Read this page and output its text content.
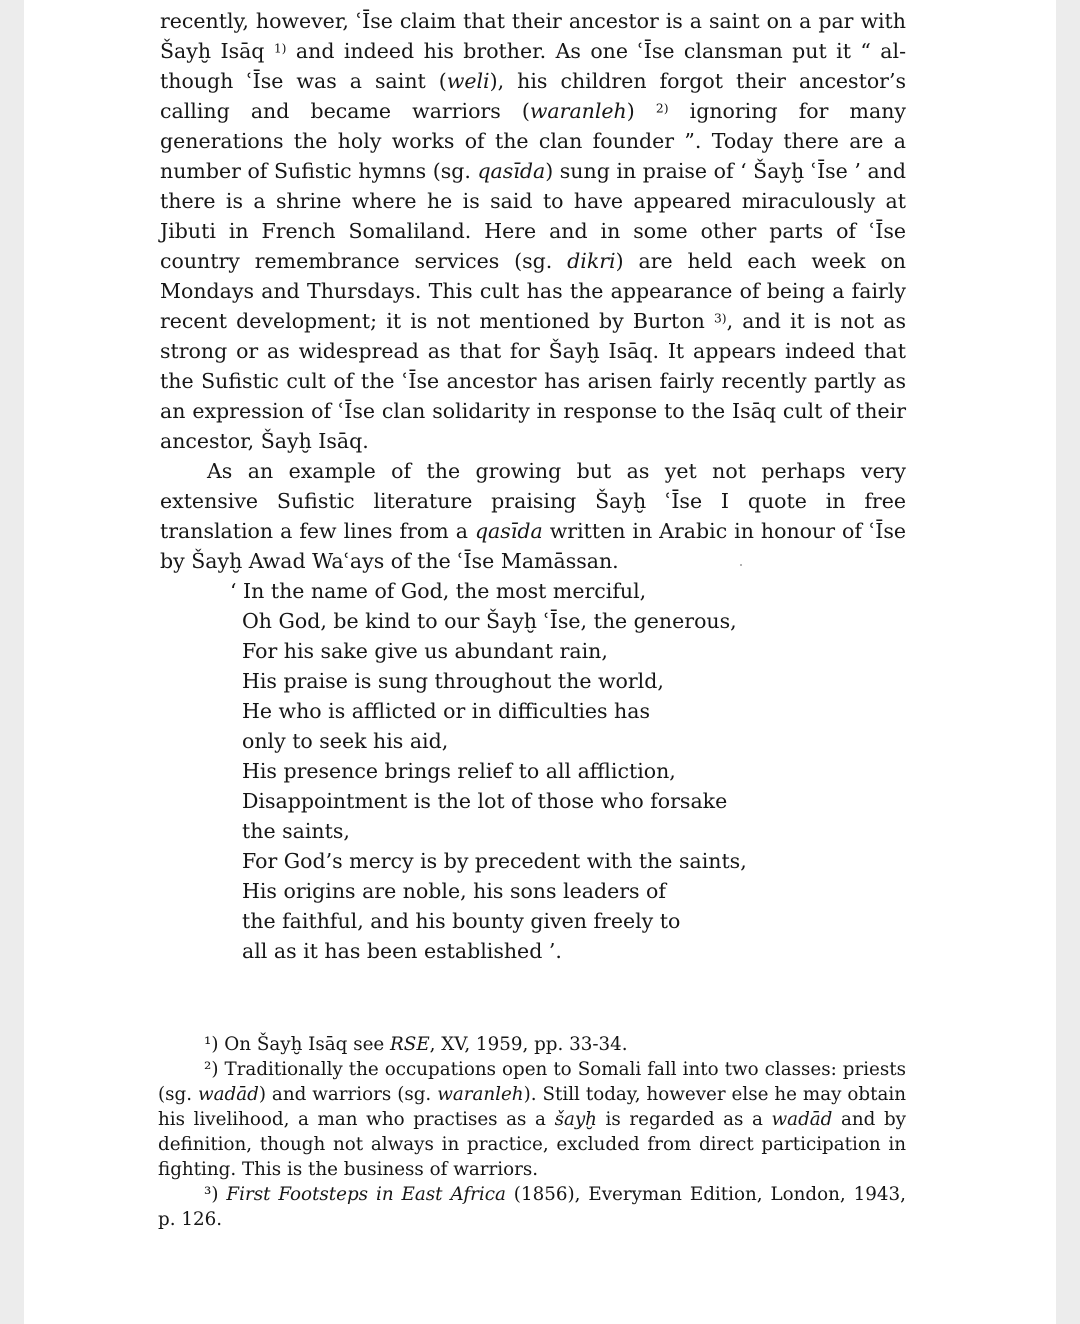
recently, however, ʿĪse claim that their ancestor is a saint on a par with Šayḫ Isāq $^{1)}$ and indeed his brother. As one ʿĪse clansman put it “ although ʿĪse was a saint (weli), his children forgot their ancestor’s calling and became warriors (waranleh) $^{2)}$ ignoring for many generations the holy works of the clan founder ”. Today there are a number of Sufistic hymns (sg. qasīda) sung in praise of ‘ Šayḫ ʿĪse ’ and there is a shrine where he is said to have appeared miraculously at Jibuti in French Somaliland. Here and in some other parts of ʿĪse country remembrance services (sg. dikri) are held each week on Mondays and Thursdays. This cult has the appearance of being a fairly recent development; it is not mentioned by Burton $^{3)}$, and it is not as strong or as widespread as that for Šayḫ Isāq. It appears indeed that the Sufistic cult of the ʿĪse ancestor has arisen fairly recently partly as an expression of ʿĪse clan solidarity in response to the Isāq cult of their ancestor, Šayḫ Isāq.

As an example of the growing but as yet not perhaps very extensive Sufistic literature praising Šayḫ ʿĪse I quote in free translation a few lines from a qasīda written in Arabic in honour of ʿĪse by Šayḫ Awad Waʿays of the ʿĪse Mamāssan.

‘ In the name of God, the most merciful,
Oh God, be kind to our Šayḫ ʿĪse, the generous,
For his sake give us abundant rain,
His praise is sung throughout the world,
He who is afflicted or in difficulties has
only to seek his aid,
His presence brings relief to all affliction,
Disappointment is the lot of those who forsake
the saints,
For God’s mercy is by precedent with the saints,
His origins are noble, his sons leaders of
the faithful, and his bounty given freely to
all as it has been established ’.

¹) On Šayḫ Isāq see RSE, XV, 1959, pp. 33-34.

²) Traditionally the occupations open to Somali fall into two classes: priests (sg. wadād) and warriors (sg. waranleh). Still today, however else he may obtain his livelihood, a man who practises as a šayḫ is regarded as a wadād and by definition, though not always in practice, excluded from direct participation in fighting. This is the business of warriors.

³) First Footsteps in East Africa (1856), Everyman Edition, London, 1943, p. 126.
